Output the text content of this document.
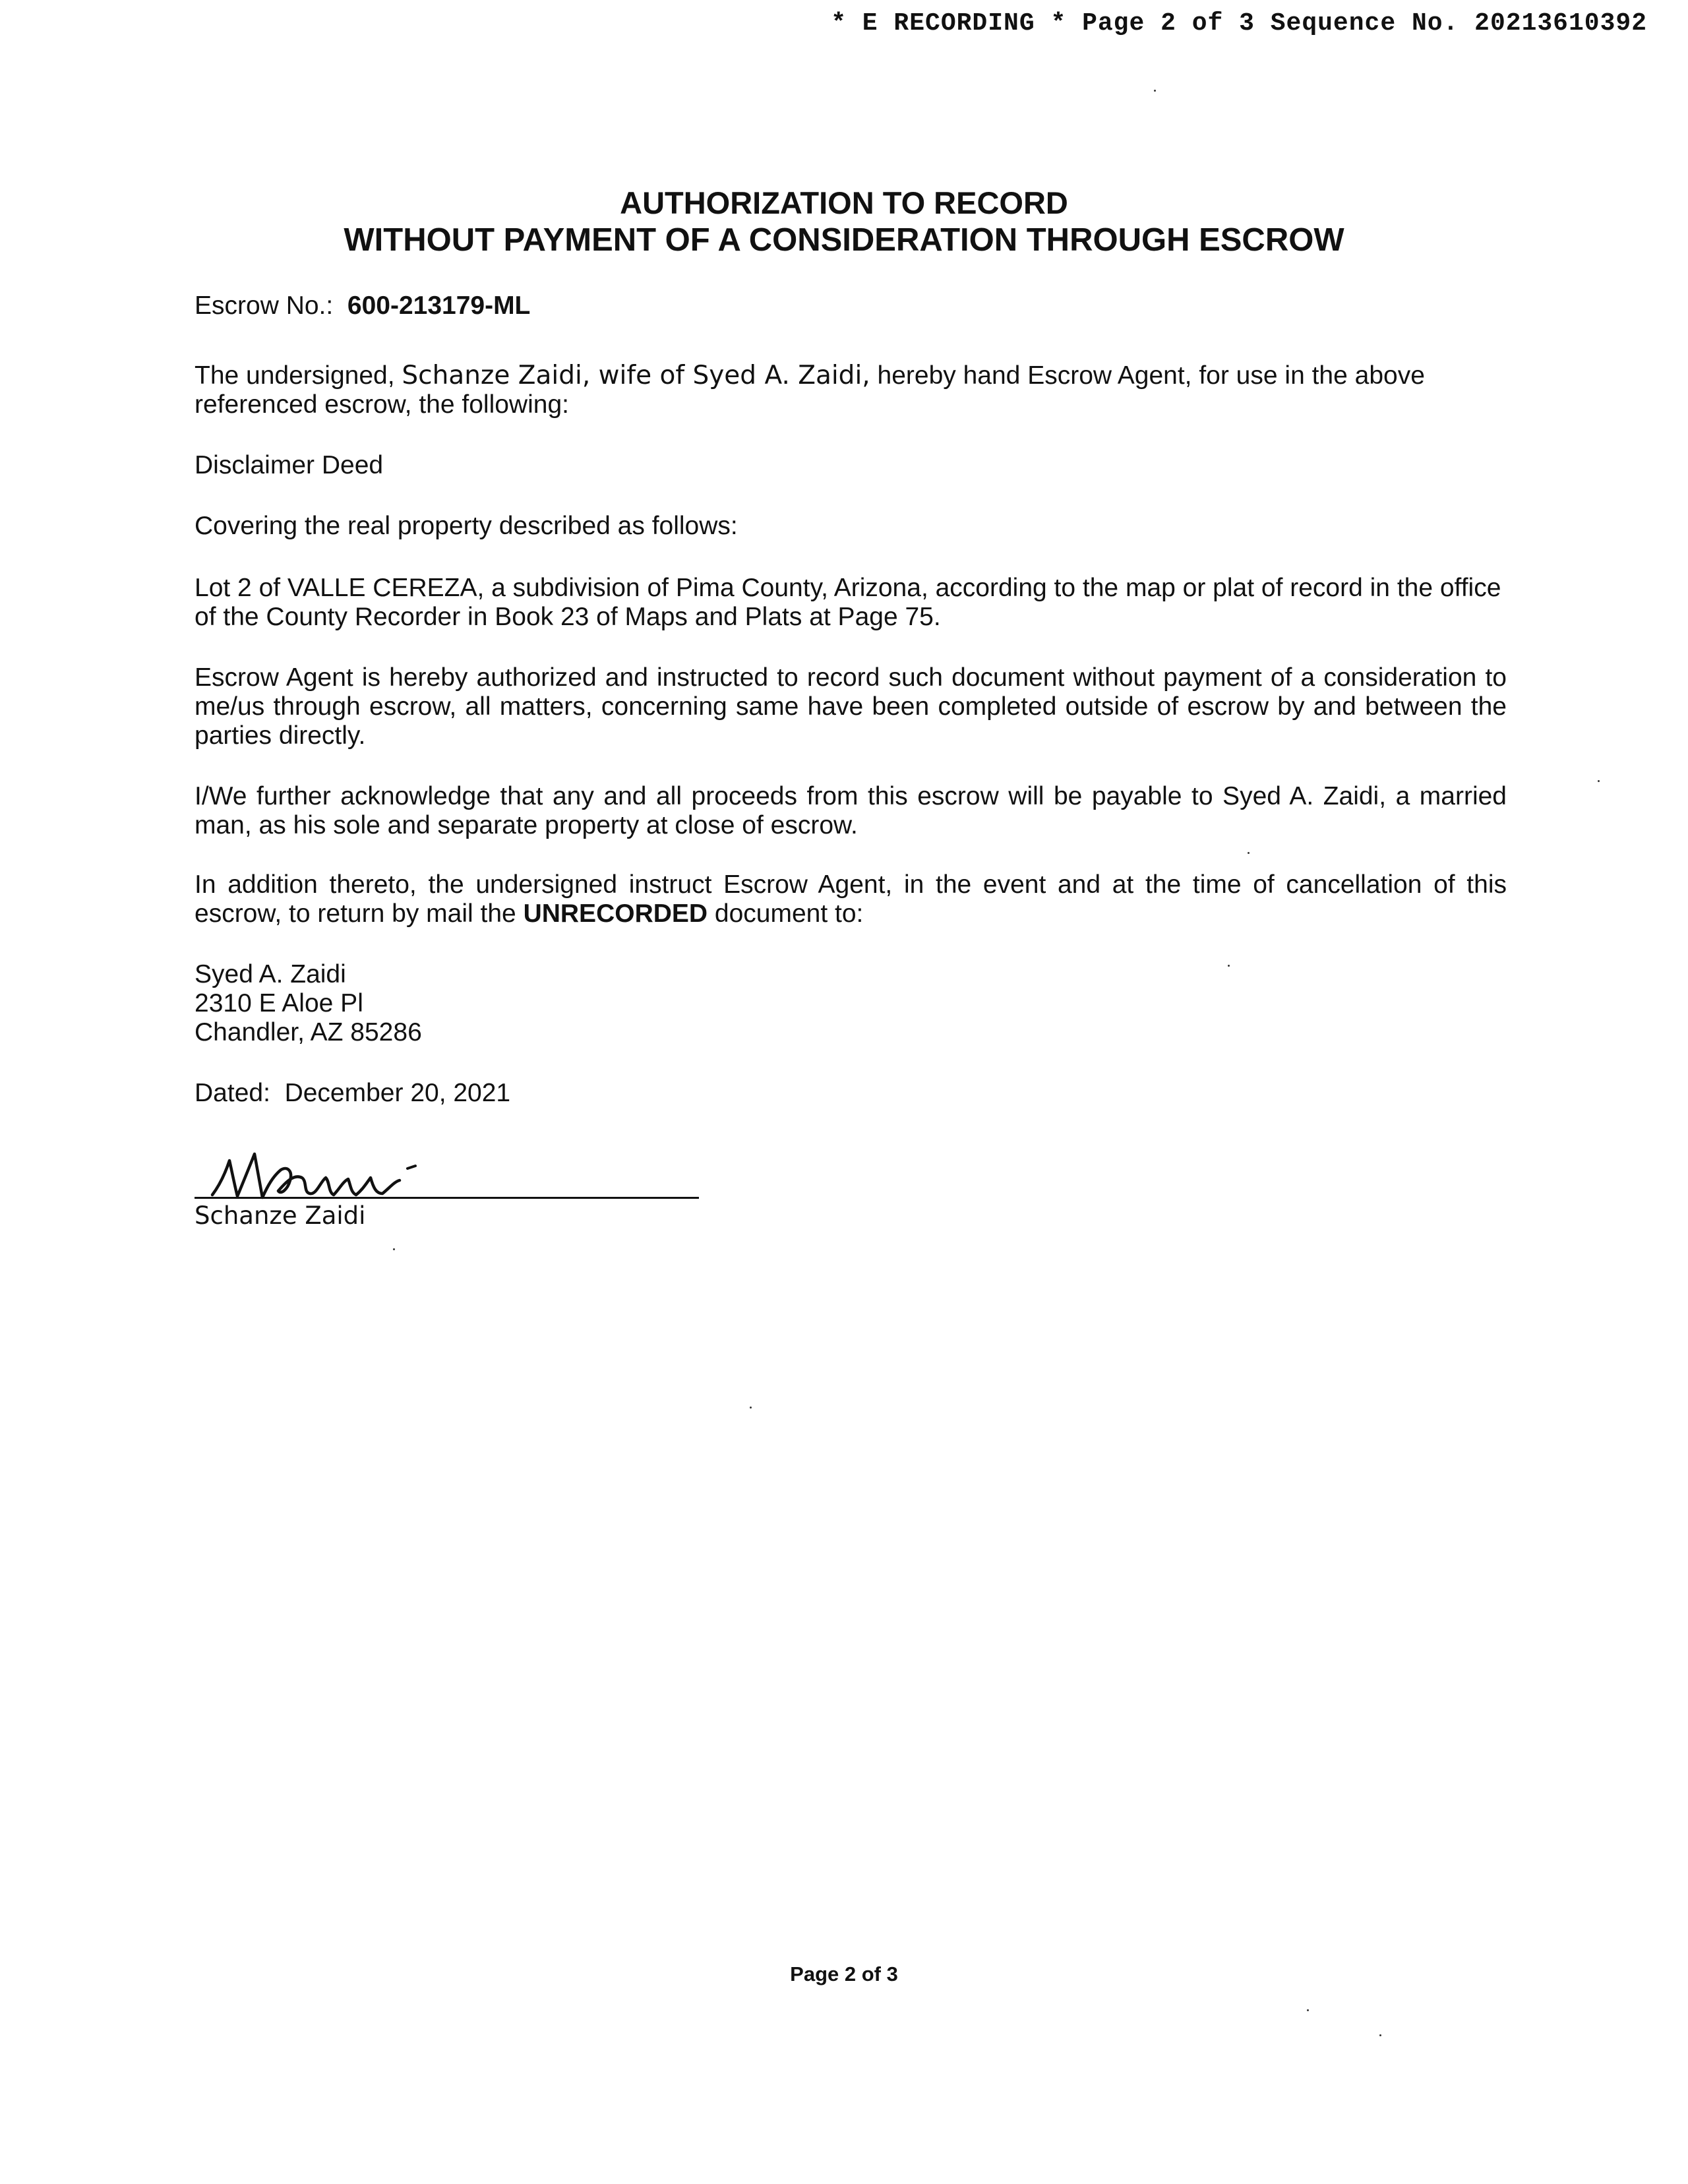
* E RECORDING * Page 2 of 3 Sequence No. 20213610392
AUTHORIZATION TO RECORD
WITHOUT PAYMENT OF A CONSIDERATION THROUGH ESCROW
Escrow No.: 600-213179-ML
The undersigned, Schanze Zaidi, wife of Syed A. Zaidi, hereby hand Escrow Agent, for use in the above referenced escrow, the following:
Disclaimer Deed
Covering the real property described as follows:
Lot 2 of VALLE CEREZA, a subdivision of Pima County, Arizona, according to the map or plat of record in the office of the County Recorder in Book 23 of Maps and Plats at Page 75.
Escrow Agent is hereby authorized and instructed to record such document without payment of a consideration to me/us through escrow, all matters, concerning same have been completed outside of escrow by and between the parties directly.
I/We further acknowledge that any and all proceeds from this escrow will be payable to Syed A. Zaidi, a married man, as his sole and separate property at close of escrow.
In addition thereto, the undersigned instruct Escrow Agent, in the event and at the time of cancellation of this escrow, to return by mail the UNRECORDED document to:
Syed A. Zaidi
2310 E Aloe Pl
Chandler, AZ 85286
Dated: December 20, 2021
Schanze Zaidi
Page 2 of 3
